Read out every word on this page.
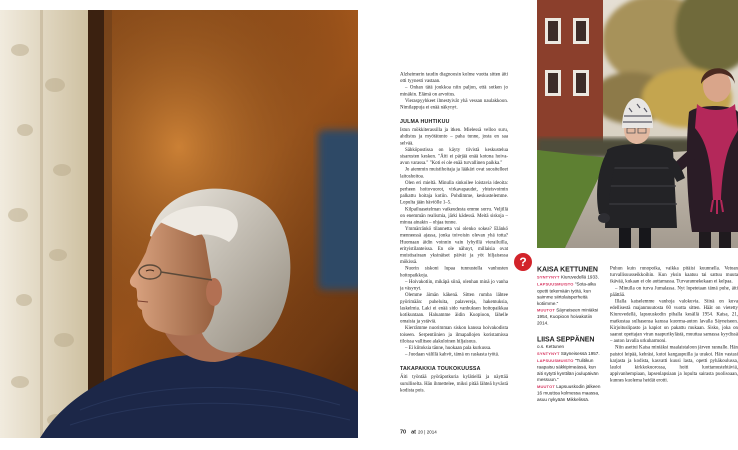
Alzheimerin taudin diagnoosin kolme vuotta sitten äiti otti tyynesti vastaan.

– Onhan tätä joukkoa niin paljon, että sotken jo minäkin. Elämä on arvoitus.

Vieraspyyhkeet ilmestyivät yhä vessan naulakkoon. Nimilappuja ei enää näkynyt.

JULMA HUHTIKUU

Istun mökkiterassilla ja itken. Mielessä velloo suru, ahdistus ja myötätunto – paha tunne, josta en saa selvää.

Sähköpostissa on käyty tiivistä keskustelua sisarusten kesken. "Äiti ei pärjää enää kotona hoiva-avun varassa." "Koti ei ole enää turvallinen paikka."

Jo aiemmin muistihoitaja ja lääkäri ovat suositelleet laitoshoitoa.

Olen eri mieltä. Minulla sinkoilee loistavia ideoita: perheen hoitovuorot, virkavapaudet, yhteisvoimin palkattu hoitaja kotiin. Pohdimme, keskustelemme. Lopulta jään häviölle 1–5.

Kilpailuasetelman vaikeudesta emme sorru. Veljillä on enemmän realismia, järki kädessä. Meitä siskoja – minua ainakin – ohjaa tunne.

Ymmärränkö tilannetta vai olenko sokea? Elänkö menneessä ajassa, jonka toivoisin olevan yhä totta? Huomaan äidin voinnin vain lyhyillä vierailuilla, erityistilanteissa. En ole nähnyt, millaisia ovat muistisairaan yksinäiset päivät ja yöt hiljaisessa mökissä.

Nuorin siskoni lupaa tunnustella vanhusten hoitopaikkoja.

– Hoivakotiin, mikäpä siinä, olenhan minä jo vanha ja väsynyt.

Olemme äimän käkenä. Sitten rumba lähtee pyörimään: puheluita, palavereja, hakemuksia, laskelmia. Laki ei enää sido vanhuksen hoitopaikkaa kotikuntaan. Haluamme äidin Kuopioon, lähelle omaisia ja ystäviä.

Kierrämme nuorimman siskon kanssa hoivakodista toiseen. Serpentiinien ja ilmapallojen koristamissa tiloissa vallitsee alakuloinen hiljaisuus.

– Ei kiitoksia tänne, huokaan pala kurkussa.

– Juodaan välillä kahvit, tämä on raskasta työtä.

TAKAPAKKIA TOUKOKUUSSA

Äiti työntää pyöräpotkuria kylätiellä ja näyttää surulliselta. Hän ihmettelee, miksi pitää lähteä hyvästä kodista pois.

? KAISA KETTUNEN

SYNTYNYT Kiuruvedellä 1933.

LAPSUUSMUISTO "Sota-aika opetti tekemään työtä, kun saimme siirtolaisperheitä kotiimme."

MUUTOT Säyneiseen miniäksi 1954, Kuopioon hoivakotiin 2014.

LIISA SEPPÄNEN
o.s. Kettunen

SYNTYNYT Säyneisessä 1957.

LAPSUUSMUISTO "Tulitikun raapaisu säkkipimeässä, kun äiti sytytti kynttilän joulupäivän messuun."

MUUTOT Lapsuuskodin jälkeen 16 muuttoa kolmessa maassa, asuu nykyään Mikkelissä.

Puhun kuin runopoika, vaikka pitäisi kuunnella. Vetoan turvallisuusseikkoihin. Kun yksin kaatuu tai sattuu muuta ikävää, kukaan ei ole auttamassa. Turvarannekekaan ei kelpaa.

– Minulla on turva Jumalassa. Nyt lopetetaan tämä puhe, äiti päättää.

Illalla katselemme vanhoja valokuvia. Siinä on kuva edellisestä majanmuutosta 60 vuotta sitten. Häät on vietetty Kiuruvedellä, lapsuuskodin pihalla kesällä 1954. Kaisa, 21, matkustaa sulhasensa kanssa kuorma-auton lavalla Säyneiseen. Kirjoituslipasto ja kapiot on pakattu mukaan. Sisko, joka on saanut opettajan viran naapurikylästä, muuttaa samassa kyydissä – auton lavalla urkuharmoni.

Niin asettui Kaisa miniäksi maalaistaloon järven rannalle. Hän paistoi leipää, kehräsi, kutoi kangaspuilla ja urakoi. Hän vastasi karjasta ja kodista, kasvatti kuusi lasta, opetti pyhäkoulussa, lauloi kirkkokuorossa, hoiti luottamustehtäviä, appivanhempiaan, lapsenlapsiaan ja lopulta sairasta puolisoaan, kunnes kuolema heidät erotti.

70 at 20 | 2014
